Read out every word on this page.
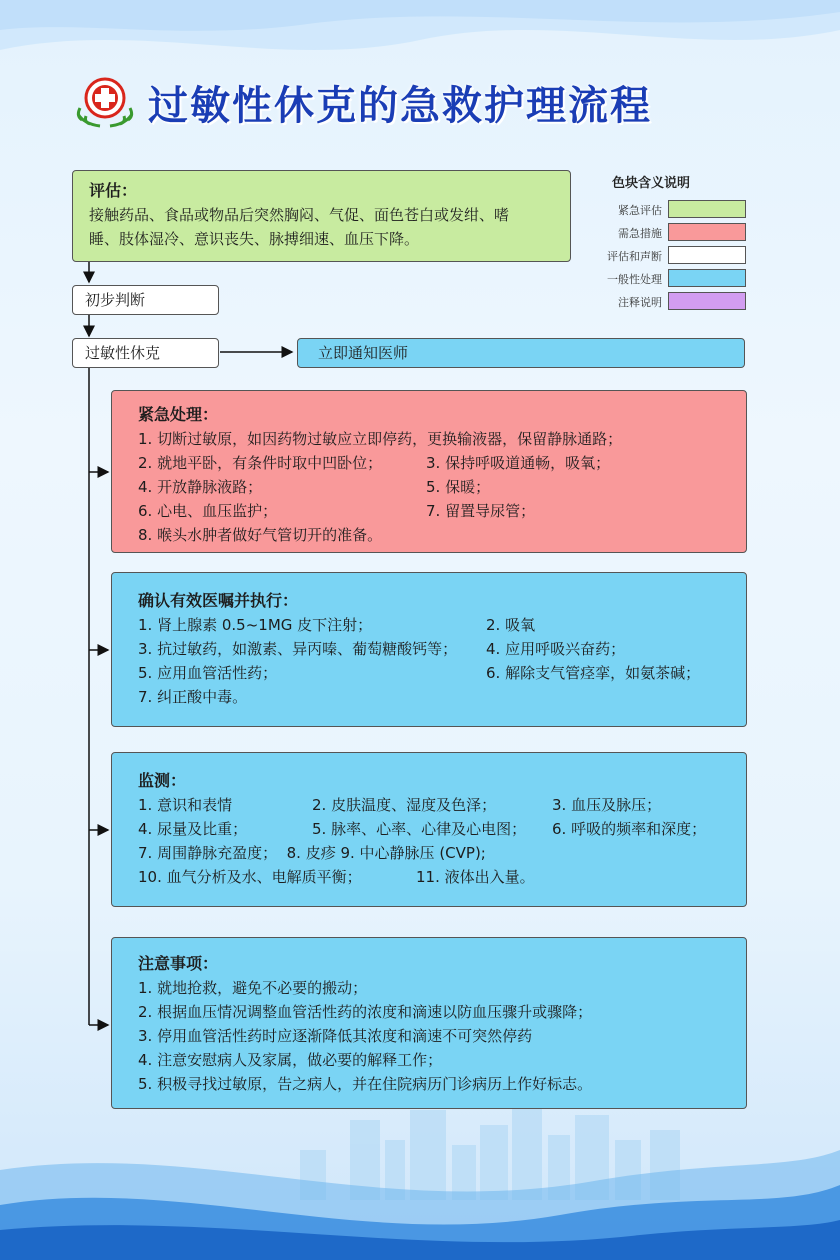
过敏性休克的急救护理流程
评估：
接触药品、食品或物品后突然胸闷、气促、面色苍白或发绀、嗜
睡、肢体湿冷、意识丧失、脉搏细速、血压下降。
初步判断
过敏性休克	立即通知医师
紧急处理：
1. 切断过敏原，如因药物过敏应立即停药，更换输液器，保留静脉通路；
2. 就地平卧，有条件时取中凹卧位；	3. 保持呼吸道通畅，吸氧；
4. 开放静脉液路；	5. 保暖；
6. 心电、血压监护；	7. 留置导尿管；
8. 喉头水肿者做好气管切开的准备。
确认有效医嘱并执行：
1. 肾上腺素 0.5~1MG 皮下注射；	2. 吸氧
3. 抗过敏药，如激素、异丙嗪、葡萄糖酸钙等； 4. 应用呼吸兴奋药；
5. 应用血管活性药；	6. 解除支气管痉挛，如氨茶碱；
7. 纠正酸中毒。
监测：
1. 意识和表情	2. 皮肤温度、湿度及色泽；	3. 血压及脉压；
4. 尿量及比重；	5. 脉率、心率、心律及心电图； 6. 呼吸的频率和深度；
7. 周围静脉充盈度；  8. 皮疹 9. 中心静脉压 (CVP);
10. 血气分析及水、电解质平衡；	11. 液体出入量。
注意事项：
1. 就地抢救，避免不必要的搬动；
2. 根据血压情况调整血管活性药的浓度和滴速以防血压骤升或骤降；
3. 停用血管活性药时应逐渐降低其浓度和滴速不可突然停药
4. 注意安慰病人及家属，做必要的解释工作；
5. 积极寻找过敏原，告之病人，并在住院病历门诊病历上作好标志。
色块含义说明
紧急评估
需急措施
评估和声断
一般性处理
注释说明
